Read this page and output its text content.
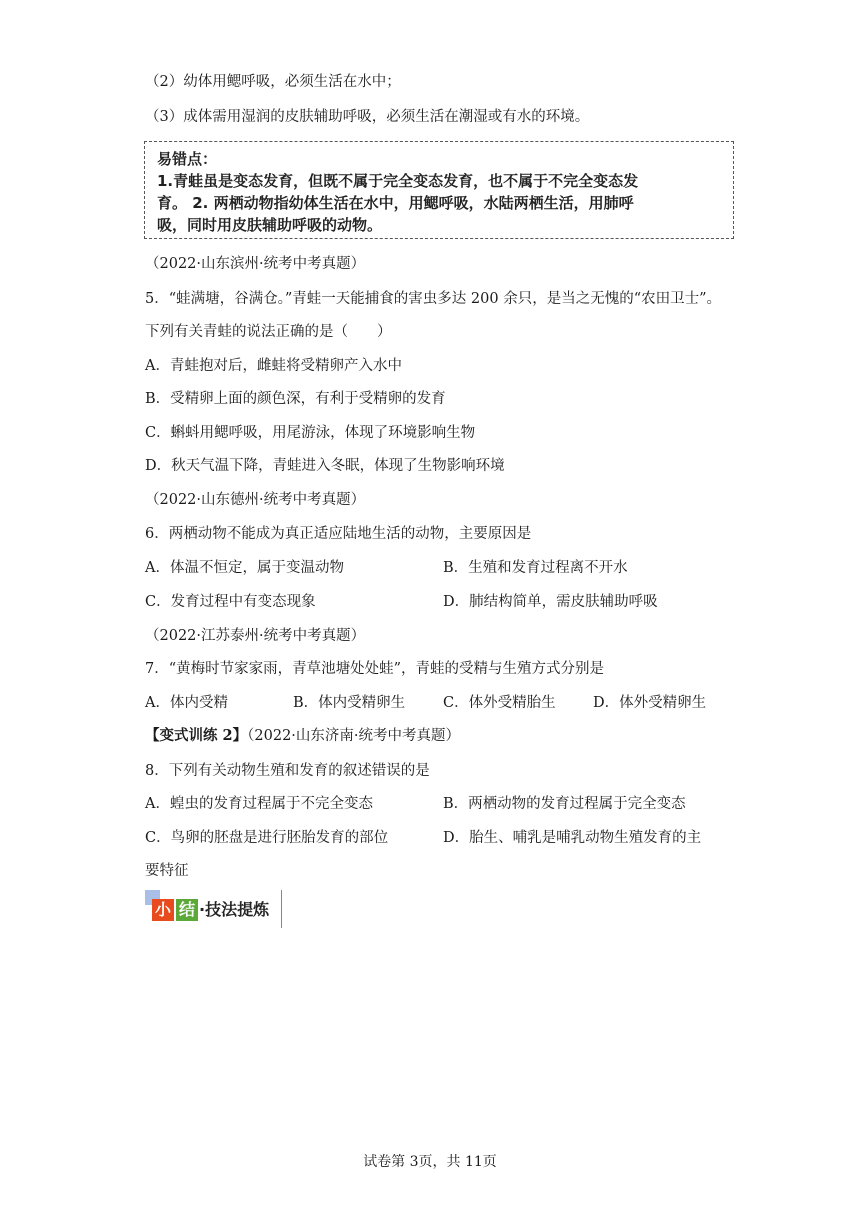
（2）幼体用鳃呼吸，必须生活在水中；
（3）成体需用湿润的皮肤辅助呼吸，必须生活在潮湿或有水的环境。
易错点：
1.青蛙虽是变态发育，但既不属于完全变态发育，也不属于不完全变态发
育。 2. 两栖动物指幼体生活在水中，用鳃呼吸，水陆两栖生活，用肺呼
吸，同时用皮肤辅助呼吸的动物。
（2022·山东滨州·统考中考真题）
5．“蛙满塘，谷满仓。”青蛙一天能捕食的害虫多达 200 余只，是当之无愧的“农田卫士”。
下列有关青蛙的说法正确的是（　　）
A．青蛙抱对后，雌蛙将受精卵产入水中
B．受精卵上面的颜色深，有利于受精卵的发育
C．蝌蚪用鳃呼吸，用尾游泳，体现了环境影响生物
D．秋天气温下降，青蛙进入冬眠，体现了生物影响环境
（2022·山东德州·统考中考真题）
6．两栖动物不能成为真正适应陆地生活的动物，主要原因是
A．体温不恒定，属于变温动物	B．生殖和发育过程离不开水
C．发育过程中有变态现象	D．肺结构简单，需皮肤辅助呼吸
（2022·江苏泰州·统考中考真题）
7．“黄梅时节家家雨，青草池塘处处蛙”，青蛙的受精与生殖方式分别是
A．体内受精	B．体内受精卵生	C．体外受精胎生	D．体外受精卵生
【变式训练 2】（2022·山东济南·统考中考真题）
8．下列有关动物生殖和发育的叙述错误的是
A．蝗虫的发育过程属于不完全变态	B．两栖动物的发育过程属于完全变态
C．鸟卵的胚盘是进行胚胎发育的部位	D．胎生、哺乳是哺乳动物生殖发育的主
要特征
小 结 ·技法提炼
试卷第 3页，共 11页
